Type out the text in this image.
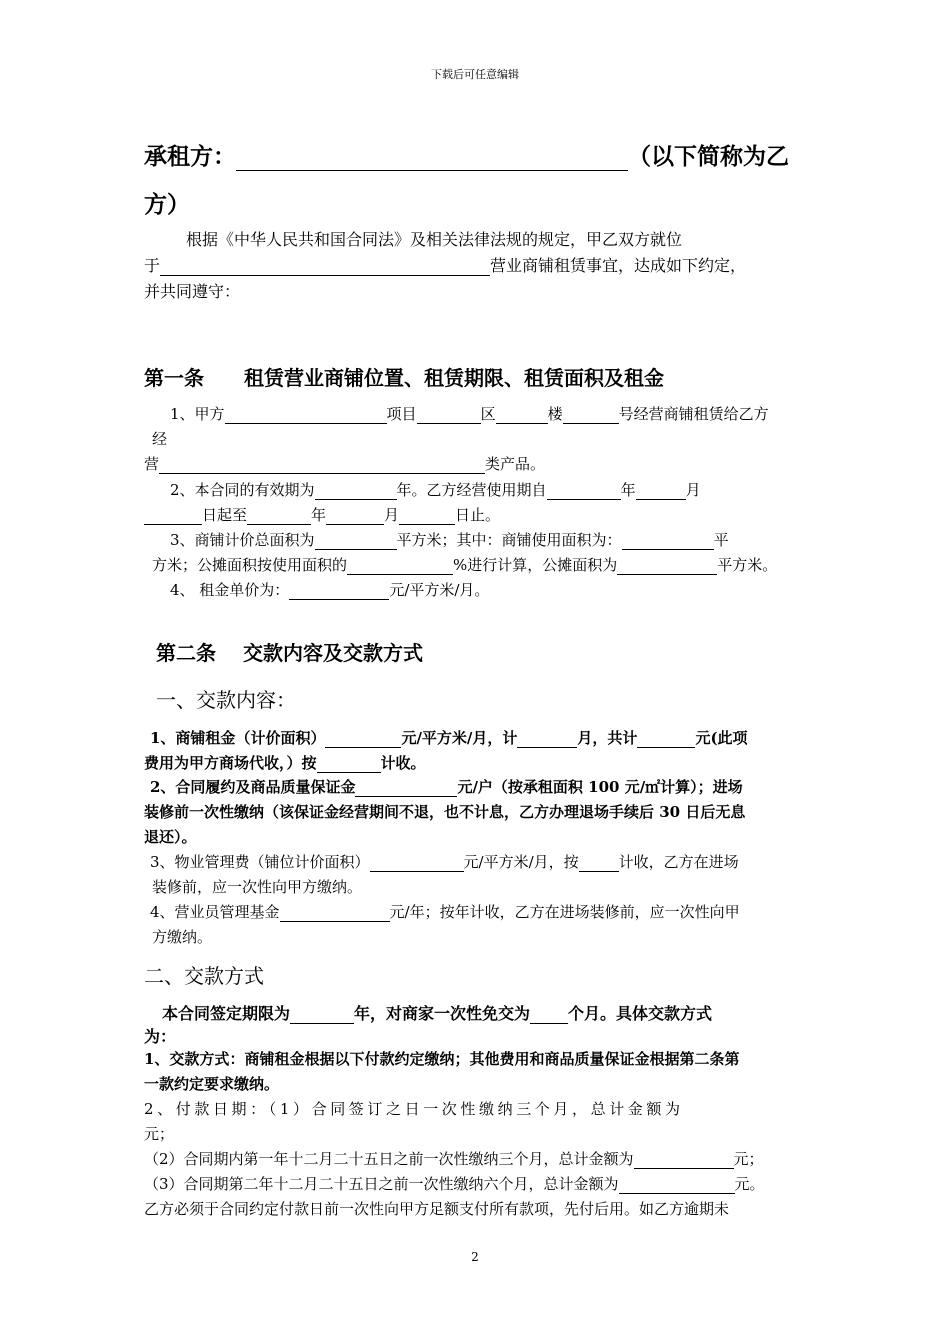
下载后可任意编辑
承租方：	（以下简称为乙
方）
根据《中华人民共和国合同法》及相关法律法规的规定，甲乙双方就位
于	营业商铺租赁事宜，达成如下约定，
并共同遵守：
第一条　　租赁营业商铺位置、租赁期限、租赁面积及租金
1、甲方	项目	区	楼	号经营商铺租赁给乙方
经
营	类产品。
2、本合同的有效期为	年。乙方经营使用期自	年	月
日起至	年	月	日止。
3、商铺计价总面积为	平方米；其中：商铺使用面积为：	平
方米；公摊面积按使用面积的	%进行计算，公摊面积为	平方米。
4、 租金单价为：	元/平方米/月。
第二条　 交款内容及交款方式
一、交款内容：
1、商铺租金（计价面积）	元/平方米/月，计	月，共计	元(此项
费用为甲方商场代收，）按	计收。
2、合同履约及商品质量保证金	元/户（按承租面积 100 元/㎡计算）；进场
装修前一次性缴纳（该保证金经营期间不退，也不计息，乙方办理退场手续后 30 日后无息
退还）。
3、物业管理费（铺位计价面积）	元/平方米/月，按	计收，乙方在进场
装修前，应一次性向甲方缴纳。
4、营业员管理基金	元/年；按年计收，乙方在进场装修前，应一次性向甲
方缴纳。
二、交款方式
本合同签定期限为	年，对商家一次性免交为 个月。具体交款方式
为：
1、交款方式：商铺租金根据以下付款约定缴纳；其他费用和商品质量保证金根据第二条第
一款约定要求缴纳。
2、付款日期：（1）合同签订之日一次性缴纳三个月，总计金额为
元；
（2）合同期内第一年十二月二十五日之前一次性缴纳三个月，总计金额为	元；
（3）合同期第二年十二月二十五日之前一次性缴纳六个月，总计金额为	元。
乙方必须于合同约定付款日前一次性向甲方足额支付所有款项，先付后用。如乙方逾期未
2
